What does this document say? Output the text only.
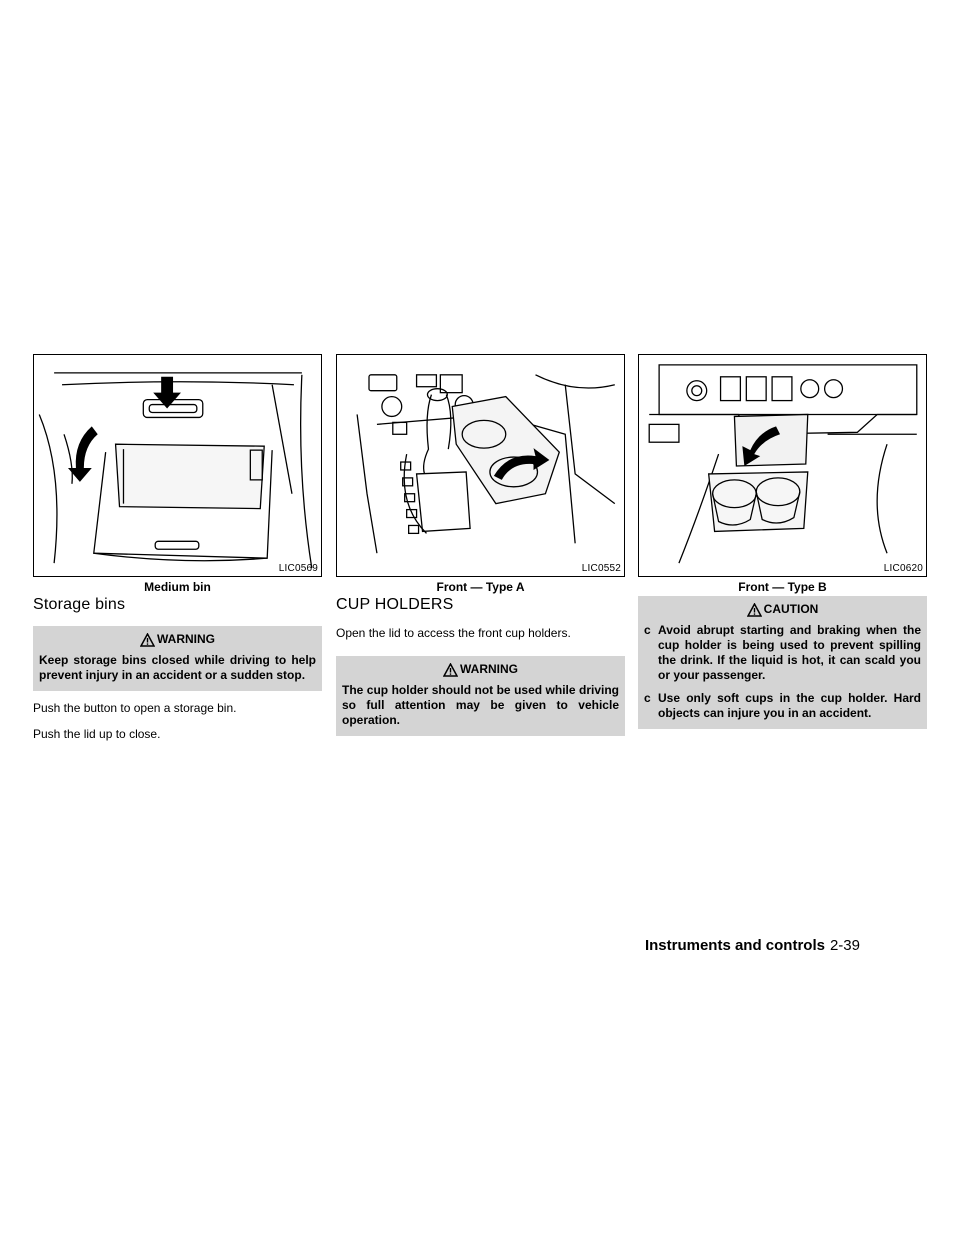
LIC0569
Medium bin
LIC0552
Front — Type A
LIC0620
Front — Type B
Storage bins
WARNING
Keep storage bins closed while driving to help prevent injury in an accident or a sudden stop.

Push the button to open a storage bin.

Push the lid up to close.

CUP HOLDERS

Open the lid to access the front cup holders.

WARNING
The cup holder should not be used while driving so full attention may be given to vehicle operation.
CAUTION
c Avoid abrupt starting and braking when the cup holder is being used to prevent spilling the drink. If the liquid is hot, it can scald you or your passenger.
c Use only soft cups in the cup holder. Hard objects can injure you in an accident.
Instruments and controls 2-39
